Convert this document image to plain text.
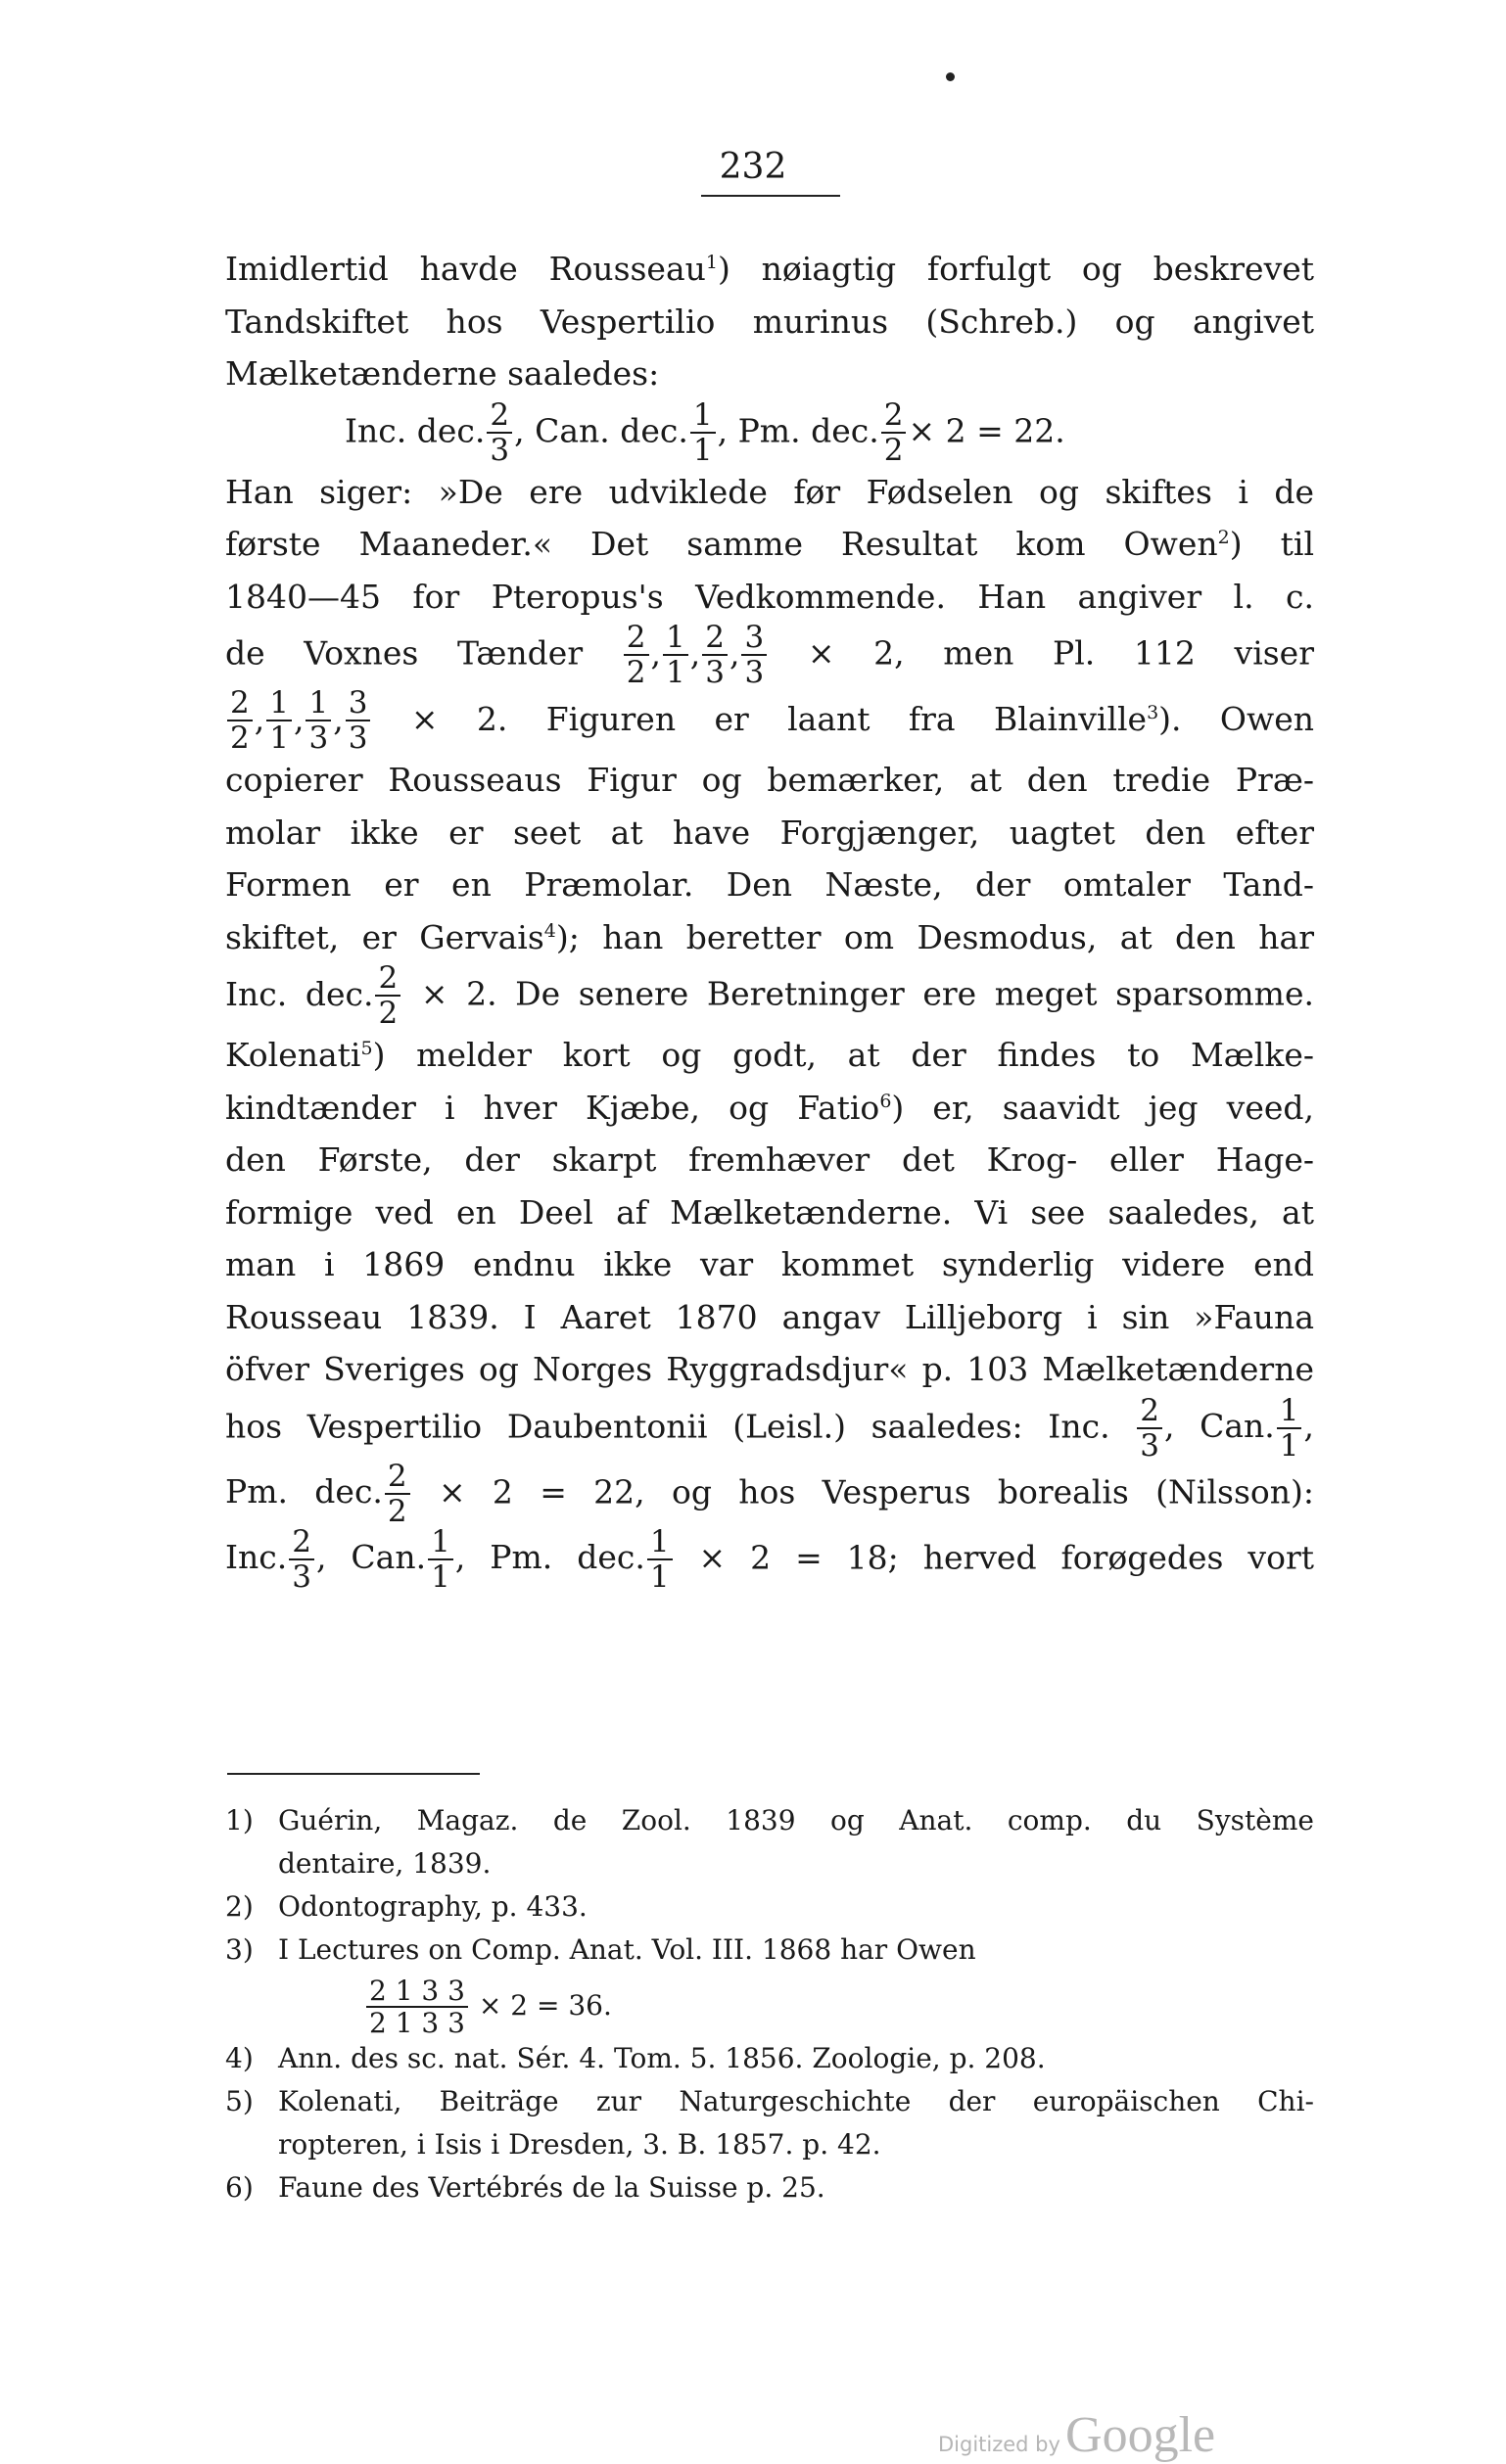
232
Imidlertid havde Rousseau$^1$) nøiagtig forfulgt og beskrevet
Tandskiftet hos Vespertilio murinus (Schreb.) og angivet
Mælketænderne saaledes:
Inc. dec. $\frac{2}{3}$ , Can. dec. $\frac{1}{1}$ , Pm. dec. $\frac{2}{2} \times 2 = 22$.
Han siger: »De ere udviklede før Fødselen og skiftes i de
første Maaneder.« Det samme Resultat kom Owen$^2$) til
1840—45 for Pteropus's Vedkommende. Han angiver l. c.
de Voxnes Tænder $\frac{2}{2}$ , $\frac{1}{1}$ , $\frac{2}{3}$ , $\frac{3}{3} \times 2$, men Pl. 112 viser
$\frac{2}{2}$ , $\frac{1}{1}$ , $\frac{1}{3}$ , $\frac{3}{3} \times 2$. Figuren er laant fra Blainville$^3$). Owen
copierer Rousseaus Figur og bemærker, at den tredie Præ-
molar ikke er seet at have Forgjænger, uagtet den efter
Formen er en Præmolar. Den Næste, der omtaler Tand-
skiftet, er Gervais$^4$); han beretter om Desmodus, at den har
Inc. dec. $\frac{2}{2} \times 2$. De senere Beretninger ere meget sparsomme.
Kolenati$^5$) melder kort og godt, at der findes to Mælke-
kindtænder i hver Kjæbe, og Fatio$^6$) er, saavidt jeg veed,
den Første, der skarpt fremhæver det Krog- eller Hage-
formige ved en Deel af Mælketænderne. Vi see saaledes, at
man i 1869 endnu ikke var kommet synderlig videre end
Rousseau 1839. I Aaret 1870 angav Lilljeborg i sin »Fauna
öfver Sveriges og Norges Ryggradsdjur« p. 103 Mælketænderne
hos Vespertilio Daubentonii (Leisl.) saaledes: Inc. $\frac{2}{3}$ , Can. $\frac{1}{1}$ ,
Pm. dec. $\frac{2}{2} \times 2 = 22$, og hos Vesperus borealis (Nilsson):
Inc. $\frac{2}{3}$ , Can. $\frac{1}{1}$ , Pm. dec. $\frac{1}{1} \times 2 = 18$; herved forøgedes vort
1) Guérin, Magaz. de Zool. 1839 og Anat. comp. du Système
dentaire, 1839.
2) Odontography, p. 433.
3) I Lectures on Comp. Anat. Vol. III. 1868 har Owen
$\frac{2 1 3 3}{2 1 3 3} \times 2 = 36$.
4) Ann. des sc. nat. Sér. 4. Tom. 5. 1856. Zoologie, p. 208.
5) Kolenati, Beiträge zur Naturgeschichte der europäischen Chi-
ropteren, i Isis i Dresden, 3. B. 1857. p. 42.
6) Faune des Vertébrés de la Suisse p. 25.
Digitized by Google
